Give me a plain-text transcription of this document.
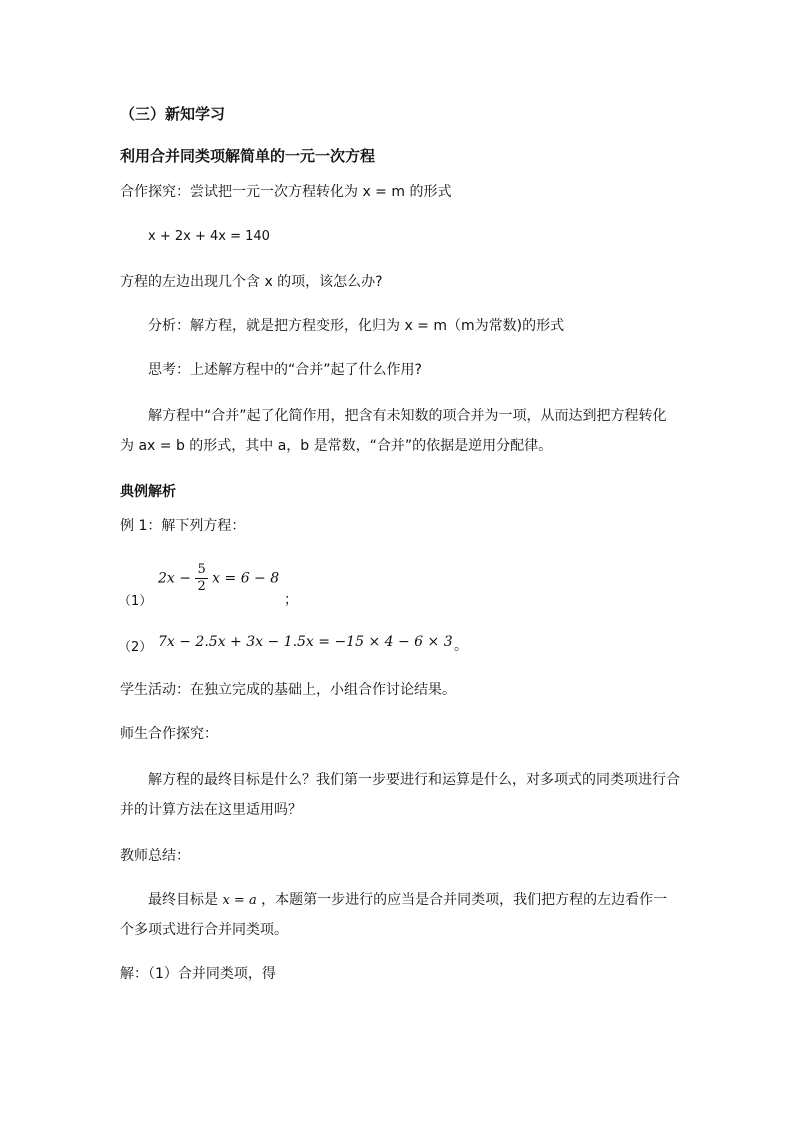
（三）新知学习
利用合并同类项解简单的一元一次方程
合作探究：尝试把一元一次方程转化为 x = m 的形式
x + 2x + 4x = 140
方程的左边出现几个含 x 的项，该怎么办?
分析：解方程，就是把方程变形，化归为 x = m（m为常数)的形式
思考：上述解方程中的“合并”起了什么作用?
解方程中“合并”起了化简作用，把含有未知数的项合并为一项，从而达到把方程转化
为 ax = b 的形式，其中 a，b 是常数，“合并”的依据是逆用分配律。
典例解析
例 1：解下列方程：
（1）
$2x - \frac{5}{2}$ x = 6 − 8
；
（2） 7x − 2.5x + 3x − 1.5x = −15 × 4 − 6 × 3 。
学生活动：在独立完成的基础上，小组合作讨论结果。
师生合作探究：
解方程的最终目标是什么？我们第一步要进行和运算是什么，对多项式的同类项进行合
并的计算方法在这里适用吗？
教师总结：
最终目标是 x = a ，本题第一步进行的应当是合并同类项，我们把方程的左边看作一
个多项式进行合并同类项。
解：（1）合并同类项，得
